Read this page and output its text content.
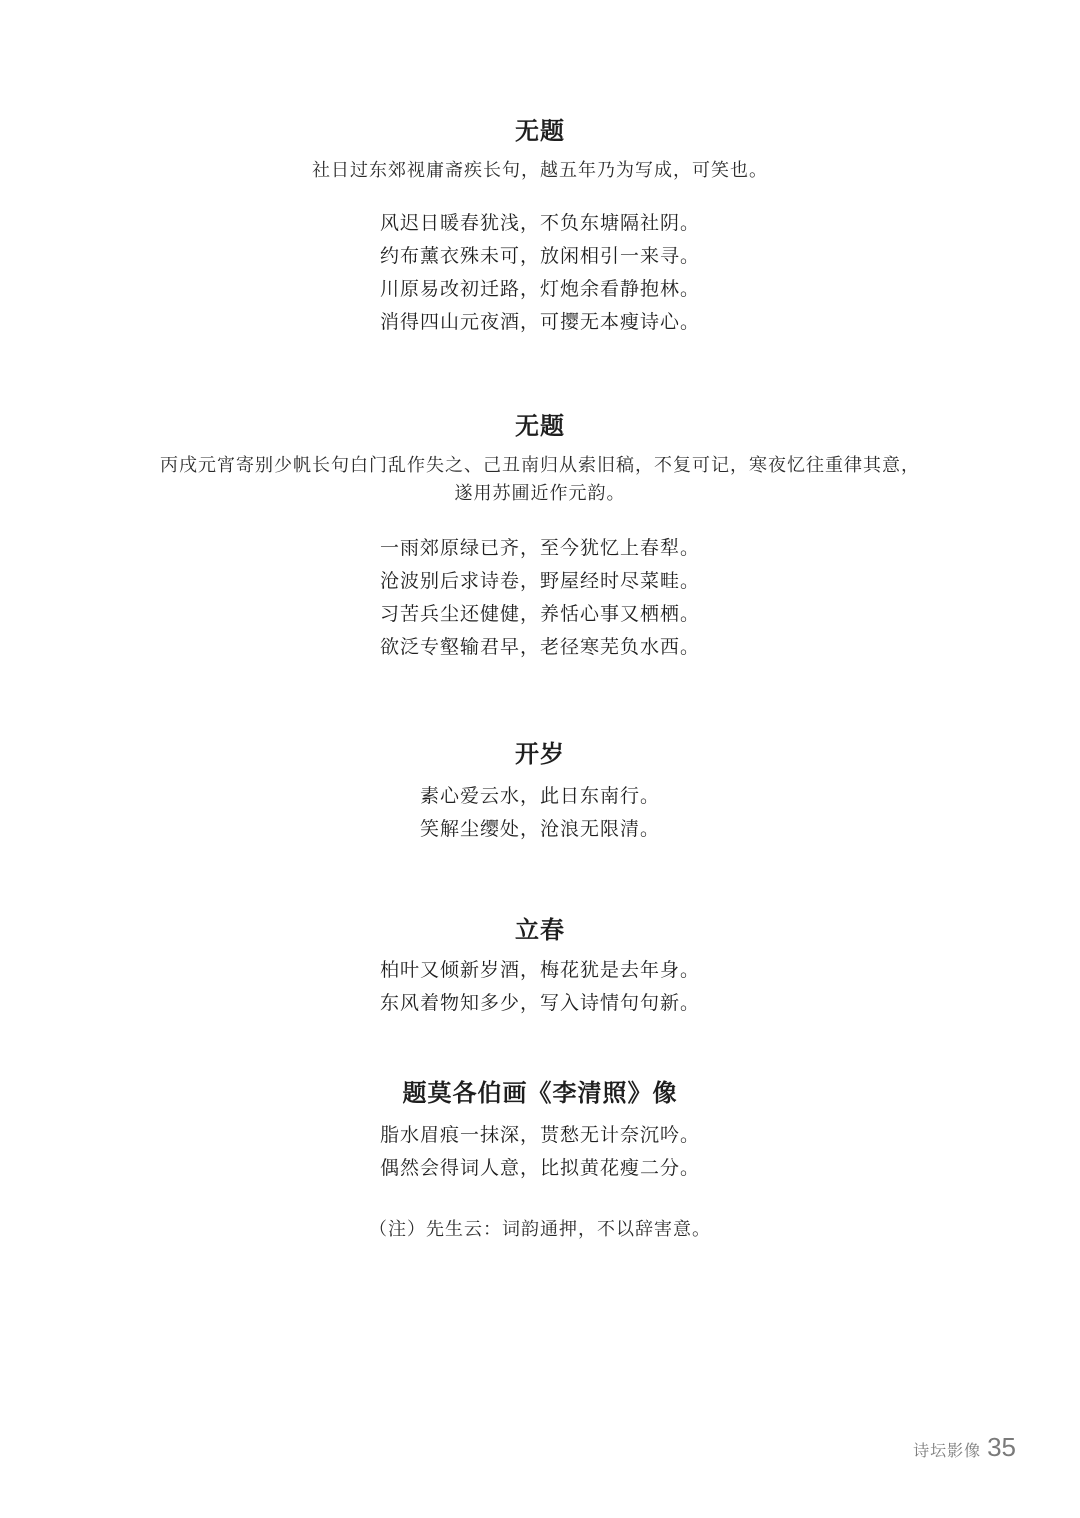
无题

社日过东郊视庸斋疾长句，越五年乃为写成，可笑也。

风迟日暖春犹浅，不负东塘隔社阴。
约布薰衣殊未可，放闲相引一来寻。
川原易改初迁路，灯炮余看静抱林。
消得四山元夜酒，可撄无本瘦诗心。
无题

丙戌元宵寄别少帆长句白门乱作失之、己丑南归从索旧稿，不复可记，寒夜忆往重律其意，
遂用苏圃近作元韵。

一雨郊原绿已齐，至今犹忆上春犁。
沧波别后求诗卷，野屋经时尽菜畦。
习苦兵尘还健健，养恬心事又栖栖。
欲泛专壑输君早，老径寒芜负水西。
开岁
素心爱云水，此日东南行。
笑解尘缨处，沧浪无限清。
立春
柏叶又倾新岁酒，梅花犹是去年身。
东风着物知多少，写入诗情句句新。
题莫各伯画《李清照》像
脂水眉痕一抹深，贳愁无计奈沉吟。
偶然会得词人意，比拟黄花瘦二分。
（注）先生云：词韵通押，不以辞害意。
诗坛影像 35
